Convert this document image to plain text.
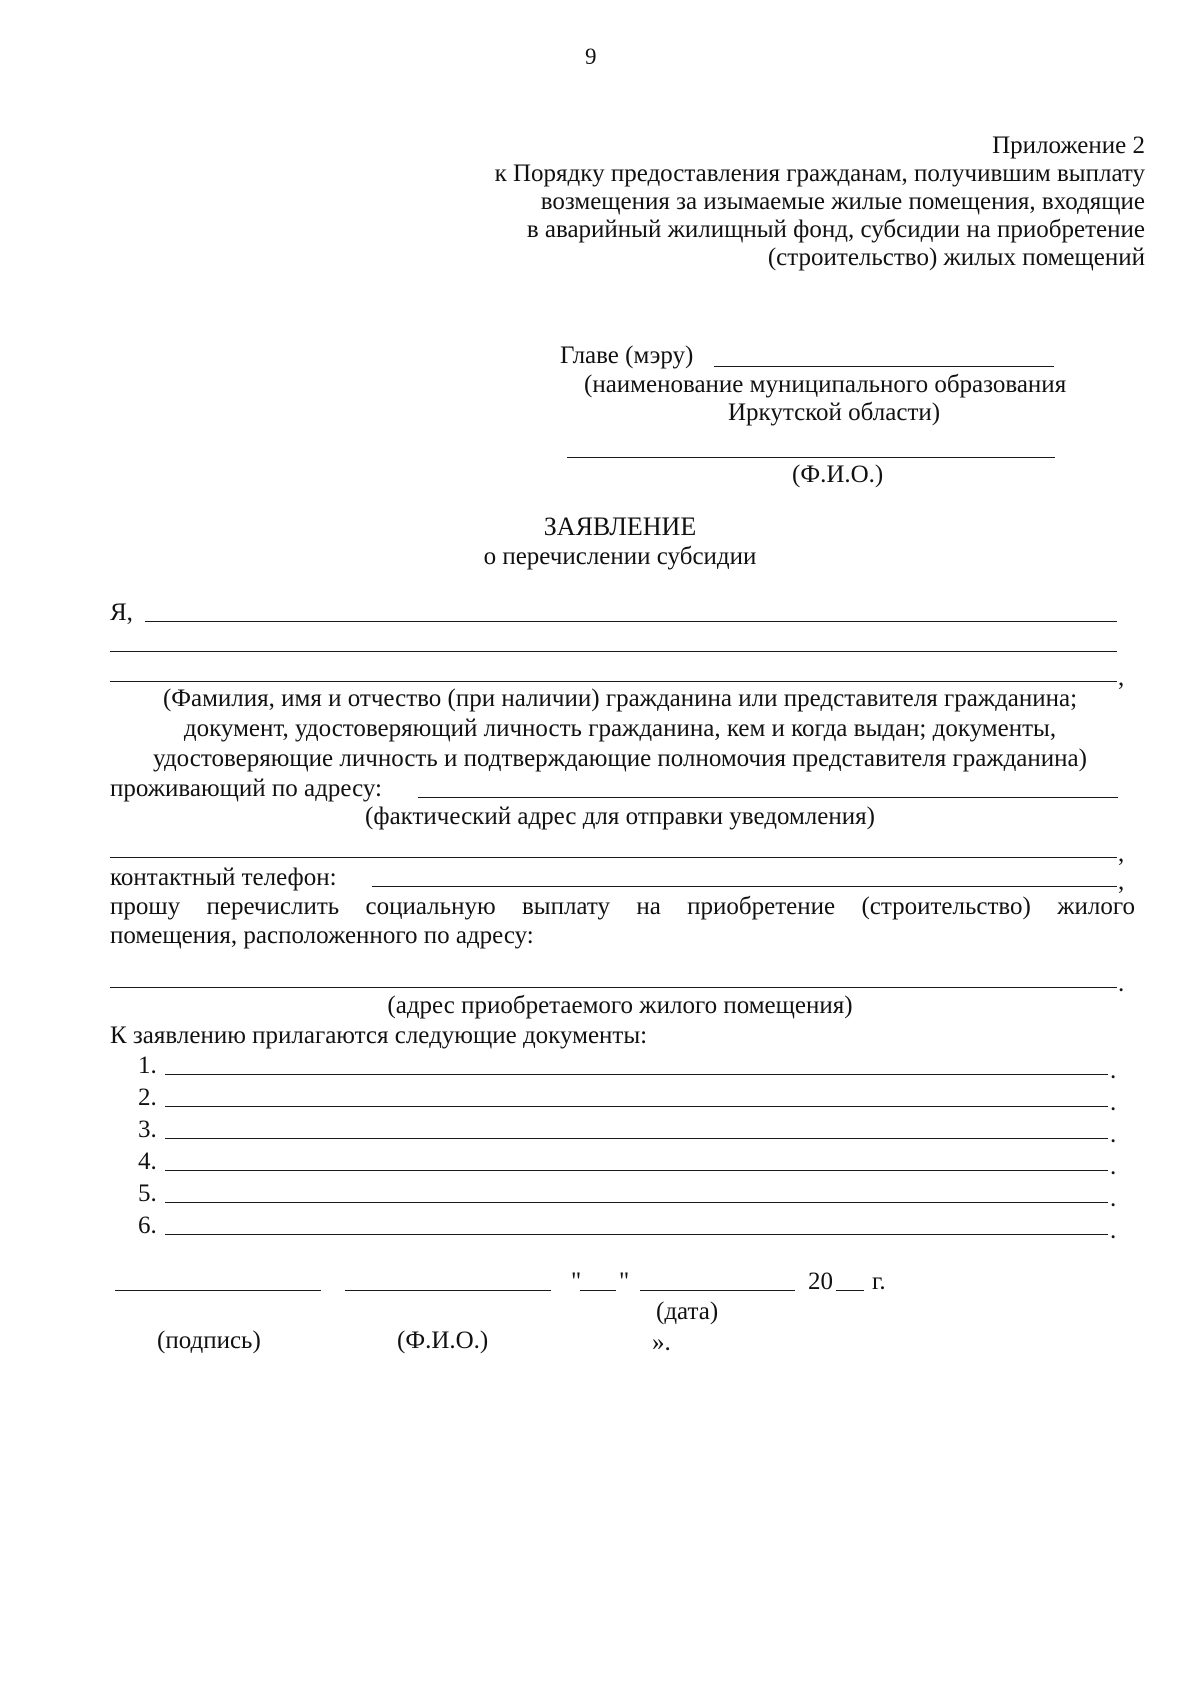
9
Приложение 2
к Порядку предоставления гражданам, получившим выплату
возмещения за изымаемые жилые помещения, входящие
в аварийный жилищный фонд, субсидии на приобретение
(строительство) жилых помещений
Главе (мэру)
(наименование муниципального образования
Иркутской области)
(Ф.И.О.)
ЗАЯВЛЕНИЕ
о перечислении субсидии
Я,
,
(Фамилия, имя и отчество (при наличии) гражданина или представителя гражданина;
документ, удостоверяющий личность гражданина, кем и когда выдан; документы,
удостоверяющие личность и подтверждающие полномочия представителя гражданина)
проживающий по адресу:
(фактический адрес для отправки уведомления)
,
контактный телефон:	,
прошу перечислить социальную выплату на приобретение (строительство) жилого
помещения, расположенного по адресу:
.
(адрес приобретаемого жилого помещения)
К заявлению прилагаются следующие документы:
1.	.
2.	.
3.	.
4.	.
5.	.
6.	.
" "	20 г.
(дата)
(подпись)	(Ф.И.О.)	».
